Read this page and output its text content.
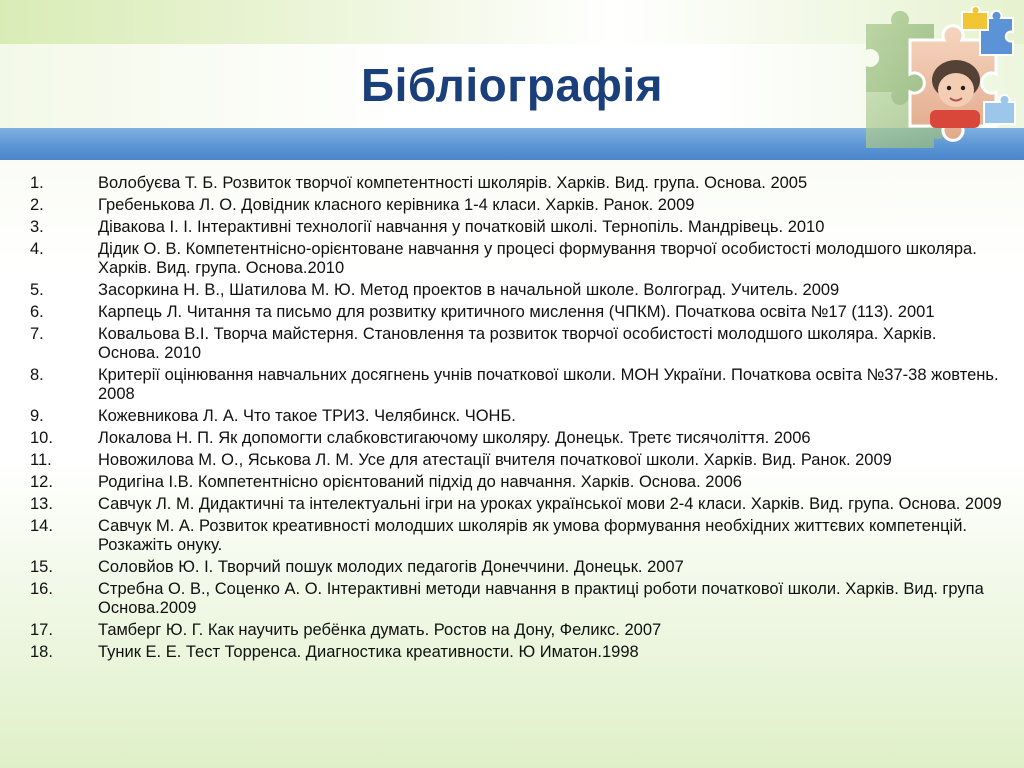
Бібліографія
1.	Волобуєва Т. Б. Розвиток творчої компетентності школярів. Харків. Вид. група. Основа. 2005
2.	Гребенькова Л. О. Довідник класного керівника 1-4 класи. Харків. Ранок. 2009
3.	Дівакова І. І. Інтерактивні технології навчання у початковій школі. Тернопіль. Мандрівець. 2010
4.	Дідик О. В. Компетентнісно-орієнтоване навчання у процесі формування творчої особистості молодшого школяра. Харків. Вид. група. Основа.2010
5.	Засоркина Н. В., Шатилова М. Ю. Метод проектов в начальной школе. Волгоград. Учитель. 2009
6.	Карпець Л. Читання та письмо для розвитку критичного мислення (ЧПКМ). Початкова освіта №17 (113). 2001
7.	Ковальова В.І. Творча майстерня. Становлення та розвиток творчої особистості молодшого школяра. Харків. Основа. 2010
8.	Критерії оцінювання навчальних досягнень учнів початкової школи. МОН України. Початкова освіта №37-38 жовтень. 2008
9.	Кожевникова Л. А. Что такое ТРИЗ. Челябинск. ЧОНБ.
10.	Локалова Н. П. Як допомогти слабковстигаючому школяру. Донецьк. Третє тисячоліття. 2006
11.	Новожилова М. О., Яськова Л. М. Усе для атестації вчителя початкової школи. Харків. Вид. Ранок. 2009
12.	Родигіна І.В. Компетентнісно орієнтований підхід до навчання. Харків. Основа. 2006
13.	Савчук Л. М. Дидактичні та інтелектуальні ігри на уроках української мови 2-4 класи. Харків. Вид. група. Основа. 2009
14.	Савчук М. А. Розвиток креативності молодших школярів як умова формування необхідних життєвих компетенцій. Розкажіть онуку.
15.	Соловйов Ю. І. Творчий пошук молодих педагогів Донеччини. Донецьк. 2007
16.	Стребна О. В., Соценко А. О. Інтерактивні методи навчання в практиці роботи початкової школи. Харків. Вид. група Основа.2009
17.	Тамберг Ю. Г. Как научить ребёнка думать. Ростов на Дону, Феликс. 2007
18.	Туник Е. Е. Тест Торренса. Диагностика креативности. Ю Иматон.1998
